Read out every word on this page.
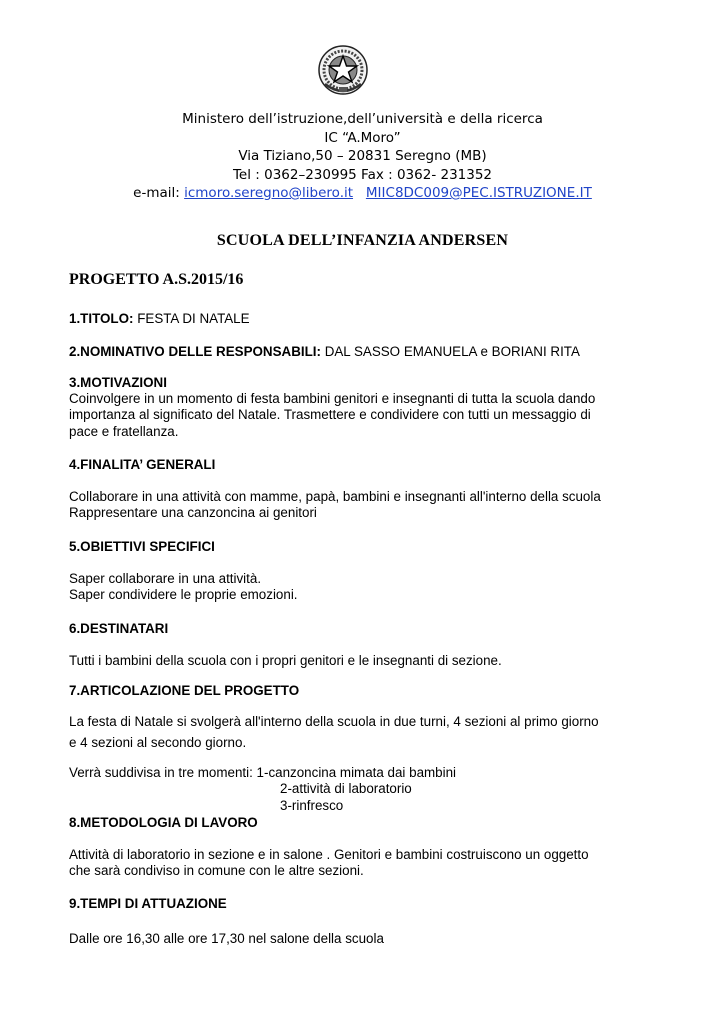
Ministero dell’istruzione,dell’università e della ricerca
IC “A.Moro”
Via Tiziano,50 – 20831 Seregno (MB)
Tel : 0362–230995 Fax : 0362- 231352
e-mail: icmoro.seregno@libero.it MIIC8DC009@PEC.ISTRUZIONE.IT
SCUOLA DELL’INFANZIA ANDERSEN
PROGETTO A.S.2015/16
1.TITOLO: FESTA DI NATALE
2.NOMINATIVO DELLE RESPONSABILI: DAL SASSO EMANUELA e BORIANI RITA
3.MOTIVAZIONI
Coinvolgere in un momento di festa bambini genitori e insegnanti di tutta la scuola dando
importanza al significato del Natale. Trasmettere e condividere con tutti un messaggio di
pace e fratellanza.
4.FINALITA’ GENERALI
Collaborare in una attività con mamme, papà, bambini e insegnanti all'interno della scuola
Rappresentare una canzoncina ai genitori
5.OBIETTIVI SPECIFICI
Saper collaborare in una attività.
Saper condividere le proprie emozioni.
6.DESTINATARI
Tutti i bambini della scuola con i propri genitori e le insegnanti di sezione.
7.ARTICOLAZIONE DEL PROGETTO
La festa di Natale si svolgerà all'interno della scuola in due turni, 4 sezioni al primo giorno
e 4 sezioni al secondo giorno.
Verrà suddivisa in tre momenti: 1-canzoncina mimata dai bambini
2-attività di laboratorio
3-rinfresco
8.METODOLOGIA DI LAVORO
Attività di laboratorio in sezione e in salone . Genitori e bambini costruiscono un oggetto
che sarà condiviso in comune con le altre sezioni.
9.TEMPI DI ATTUAZIONE
Dalle ore 16,30 alle ore 17,30 nel salone della scuola
